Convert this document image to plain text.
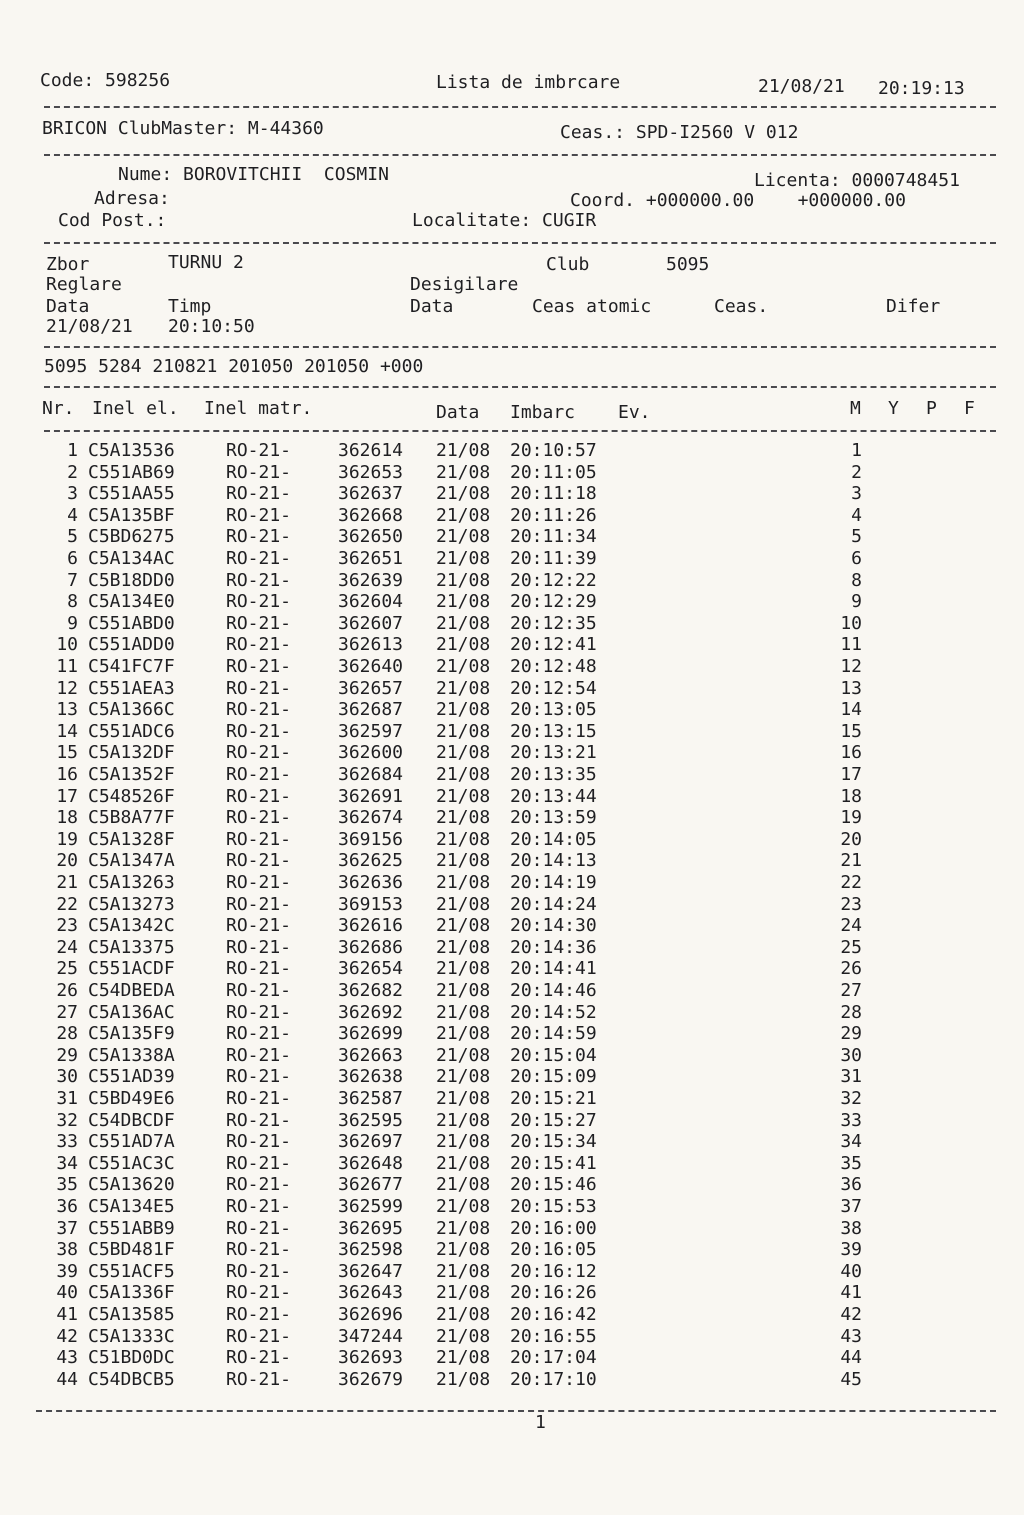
Code: 598256	Lista de imbrcare	21/08/21 20:19:13
BRICON ClubMaster: M-44360	Ceas.: SPD-I2560 V 012
Nume: BOROVITCHII  COSMIN	Licenta: 0000748451
Adresa:	Coord. +000000.00    +000000.00
Cod Post.:	Localitate: CUGIR
Zbor	TURNU 2	Club	5095
Reglare	Desigilare
Data	Timp	Data	Ceas atomic	Ceas.	Difer
21/08/21 20:10:50
5095 5284 210821 201050 201050 +000
Nr. Inel el. Inel matr.	Data Imbarc Ev.	M Y P F
1 C5A13536	RO-21-	362614 21/08 20:10:57	1
2 C551AB69	RO-21-	362653 21/08 20:11:05	2
3 C551AA55	RO-21-	362637 21/08 20:11:18	3
4 C5A135BF	RO-21-	362668 21/08 20:11:26	4
5 C5BD6275	RO-21-	362650 21/08 20:11:34	5
6 C5A134AC	RO-21-	362651 21/08 20:11:39	6
7 C5B18DD0	RO-21-	362639 21/08 20:12:22	8
8 C5A134E0	RO-21-	362604 21/08 20:12:29	9
9 C551ABD0	RO-21-	362607 21/08 20:12:35	10
10 C551ADD0	RO-21-	362613 21/08 20:12:41	11
11 C541FC7F	RO-21-	362640 21/08 20:12:48	12
12 C551AEA3	RO-21-	362657 21/08 20:12:54	13
13 C5A1366C	RO-21-	362687 21/08 20:13:05	14
14 C551ADC6	RO-21-	362597 21/08 20:13:15	15
15 C5A132DF	RO-21-	362600 21/08 20:13:21	16
16 C5A1352F	RO-21-	362684 21/08 20:13:35	17
17 C548526F	RO-21-	362691 21/08 20:13:44	18
18 C5B8A77F	RO-21-	362674 21/08 20:13:59	19
19 C5A1328F	RO-21-	369156 21/08 20:14:05	20
20 C5A1347A	RO-21-	362625 21/08 20:14:13	21
21 C5A13263	RO-21-	362636 21/08 20:14:19	22
22 C5A13273	RO-21-	369153 21/08 20:14:24	23
23 C5A1342C	RO-21-	362616 21/08 20:14:30	24
24 C5A13375	RO-21-	362686 21/08 20:14:36	25
25 C551ACDF	RO-21-	362654 21/08 20:14:41	26
26 C54DBEDA	RO-21-	362682 21/08 20:14:46	27
27 C5A136AC	RO-21-	362692 21/08 20:14:52	28
28 C5A135F9	RO-21-	362699 21/08 20:14:59	29
29 C5A1338A	RO-21-	362663 21/08 20:15:04	30
30 C551AD39	RO-21-	362638 21/08 20:15:09	31
31 C5BD49E6	RO-21-	362587 21/08 20:15:21	32
32 C54DBCDF	RO-21-	362595 21/08 20:15:27	33
33 C551AD7A	RO-21-	362697 21/08 20:15:34	34
34 C551AC3C	RO-21-	362648 21/08 20:15:41	35
35 C5A13620	RO-21-	362677 21/08 20:15:46	36
36 C5A134E5	RO-21-	362599 21/08 20:15:53	37
37 C551ABB9	RO-21-	362695 21/08 20:16:00	38
38 C5BD481F	RO-21-	362598 21/08 20:16:05	39
39 C551ACF5	RO-21-	362647 21/08 20:16:12	40
40 C5A1336F	RO-21-	362643 21/08 20:16:26	41
41 C5A13585	RO-21-	362696 21/08 20:16:42	42
42 C5A1333C	RO-21-	347244 21/08 20:16:55	43
43 C51BD0DC	RO-21-	362693 21/08 20:17:04	44
44 C54DBCB5	RO-21-	362679 21/08 20:17:10	45
1
